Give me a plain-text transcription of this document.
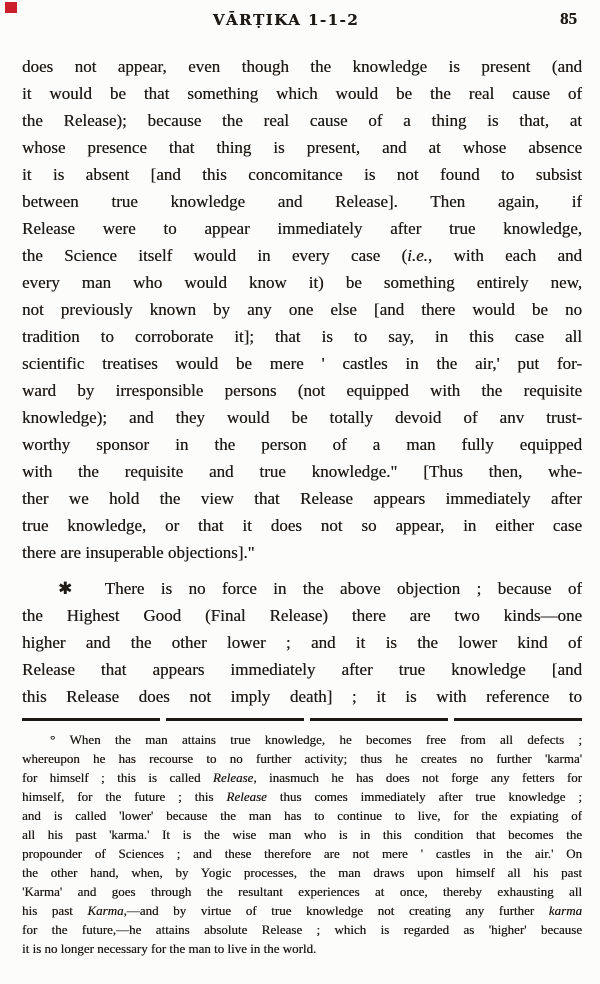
VĀRṬIKA 1-1-2	85
does not appear, even though the knowledge is present (and
it would be that something which would be the real cause of
the Release); because the real cause of a thing is that, at
whose presence that thing is present, and at whose absence
it is absent [and this concomitance is not found to subsist
between true knowledge and Release]. Then again, if
Release were to appear immediately after true knowledge,
the Science itself would in every case (i.e., with each and
every man who would know it) be something entirely new,
not previously known by any one else [and there would be no
tradition to corroborate it]; that is to say, in this case all
scientific treatises would be mere ' castles in the air,' put for-
ward by irresponsible persons (not equipped with the requisite
knowledge); and they would be totally devoid of anv trust-
worthy sponsor in the person of a man fully equipped
with the requisite and true knowledge." [Thus then, whe-
ther we hold the view that Release appears immediately after
true knowledge, or that it does not so appear, in either case
there are insuperable objections]."
✱  There is no force in the above objection ; because of
the Highest Good (Final Release) there are two kinds—one
higher and the other lower ; and it is the lower kind of
Release that appears immediately after true knowledge [and
this Release does not imply death] ; it is with reference to
° When the man attains true knowledge, he becomes free from all defects ;
whereupon he has recourse to no further activity; thus he creates no further 'karma'
for himself ; this is called Release, inasmuch he has does not forge any fetters for
himself, for the future ; this Release thus comes immediately after true knowledge ;
and is called 'lower' because the man has to continue to live, for the expiating of
all his past 'karma.' It is the wise man who is in this condition that becomes the
propounder of Sciences ; and these therefore are not mere ' castles in the air.' On
the other hand, when, by Yogic processes, the man draws upon himself all his past
'Karma' and goes through the resultant experiences at once, thereby exhausting all
his past Karma,—and by virtue of true knowledge not creating any further karma
for the future,—he attains absolute Release ; which is regarded as 'higher' because
it is no longer necessary for the man to live in the world.
